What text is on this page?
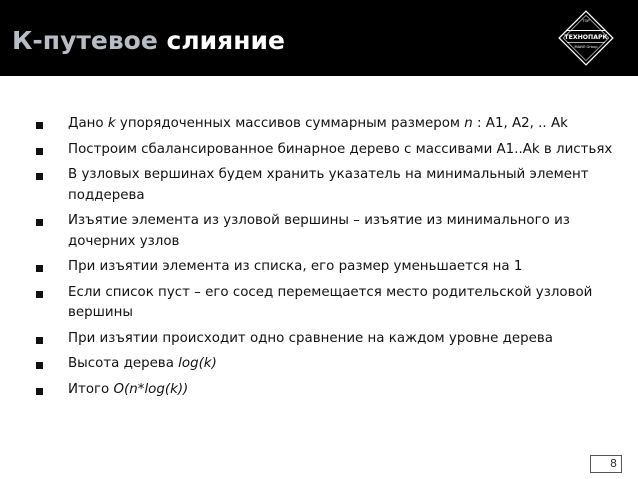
К-путевое слияние
TOP
ТЕХНОПАРК
МАИЛ Group
Дано k упорядоченных массивов суммарным размером n : A1, A2, .. Ak
Построим сбалансированное бинарное дерево с массивами A1..Ak в листьях
В узловых вершинах будем хранить указатель на минимальный элемент поддерева
Изъятие элемента из узловой вершины – изъятие из минимального из дочерних узлов
При изъятии элемента из списка, его размер уменьшается на 1
Если список пуст – его сосед перемещается место родительской узловой вершины
При изъятии происходит одно сравнение на каждом уровне дерева
Высота дерева log(k)
Итого O(n*log(k))
8
